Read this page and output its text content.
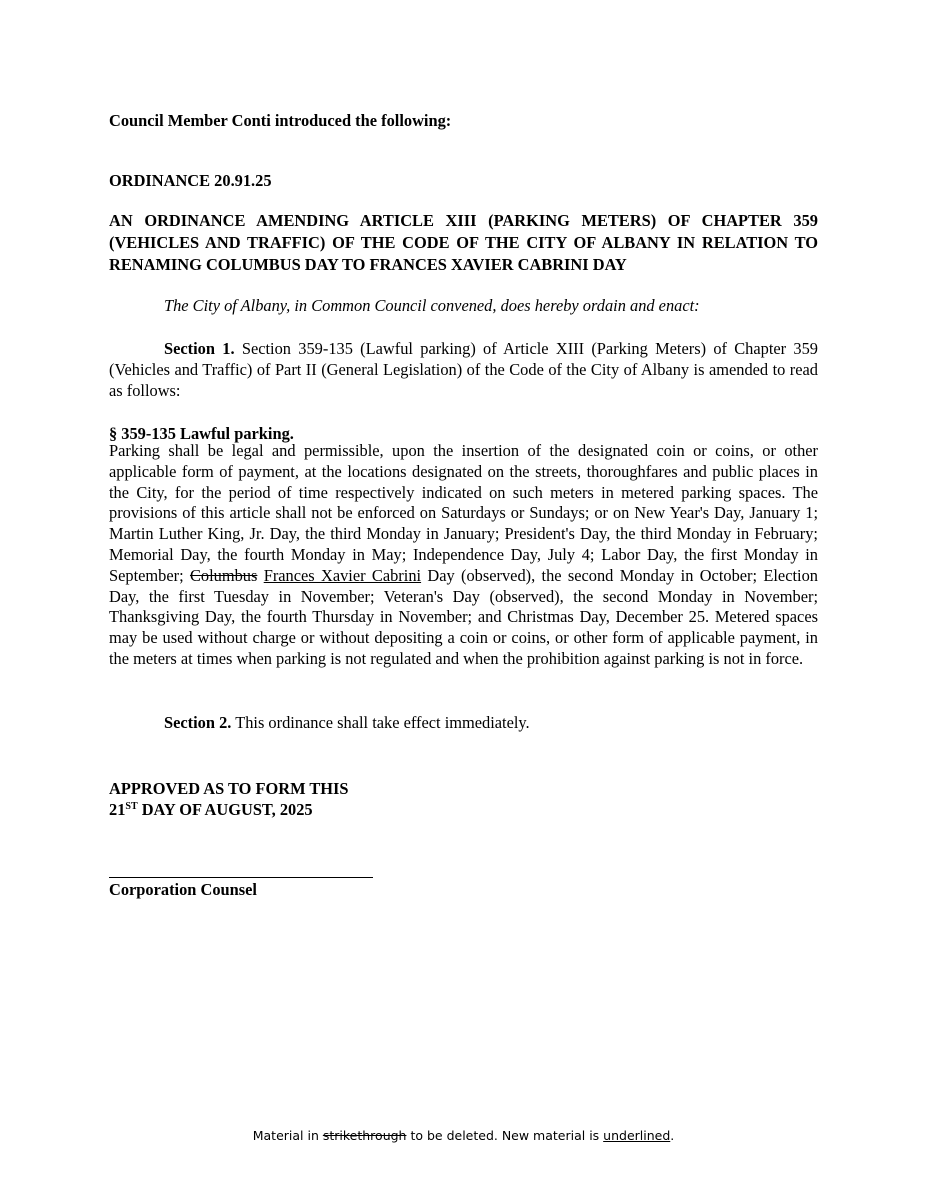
Council Member Conti introduced the following:
ORDINANCE 20.91.25
AN ORDINANCE AMENDING ARTICLE XIII (PARKING METERS) OF CHAPTER 359 (VEHICLES AND TRAFFIC) OF THE CODE OF THE CITY OF ALBANY IN RELATION TO RENAMING COLUMBUS DAY TO FRANCES XAVIER CABRINI DAY
The City of Albany, in Common Council convened, does hereby ordain and enact:
Section 1. Section 359-135 (Lawful parking) of Article XIII (Parking Meters) of Chapter 359 (Vehicles and Traffic) of Part II (General Legislation) of the Code of the City of Albany is amended to read as follows:
§ 359-135 Lawful parking.
Parking shall be legal and permissible, upon the insertion of the designated coin or coins, or other applicable form of payment, at the locations designated on the streets, thoroughfares and public places in the City, for the period of time respectively indicated on such meters in metered parking spaces. The provisions of this article shall not be enforced on Saturdays or Sundays; or on New Year's Day, January 1; Martin Luther King, Jr. Day, the third Monday in January; President's Day, the third Monday in February; Memorial Day, the fourth Monday in May; Independence Day, July 4; Labor Day, the first Monday in September; Columbus Frances Xavier Cabrini Day (observed), the second Monday in October; Election Day, the first Tuesday in November; Veteran's Day (observed), the second Monday in November; Thanksgiving Day, the fourth Thursday in November; and Christmas Day, December 25. Metered spaces may be used without charge or without depositing a coin or coins, or other form of applicable payment, in the meters at times when parking is not regulated and when the prohibition against parking is not in force.
Section 2. This ordinance shall take effect immediately.
APPROVED AS TO FORM THIS
21ST DAY OF AUGUST, 2025
Corporation Counsel
Material in strikethrough to be deleted. New material is underlined.
